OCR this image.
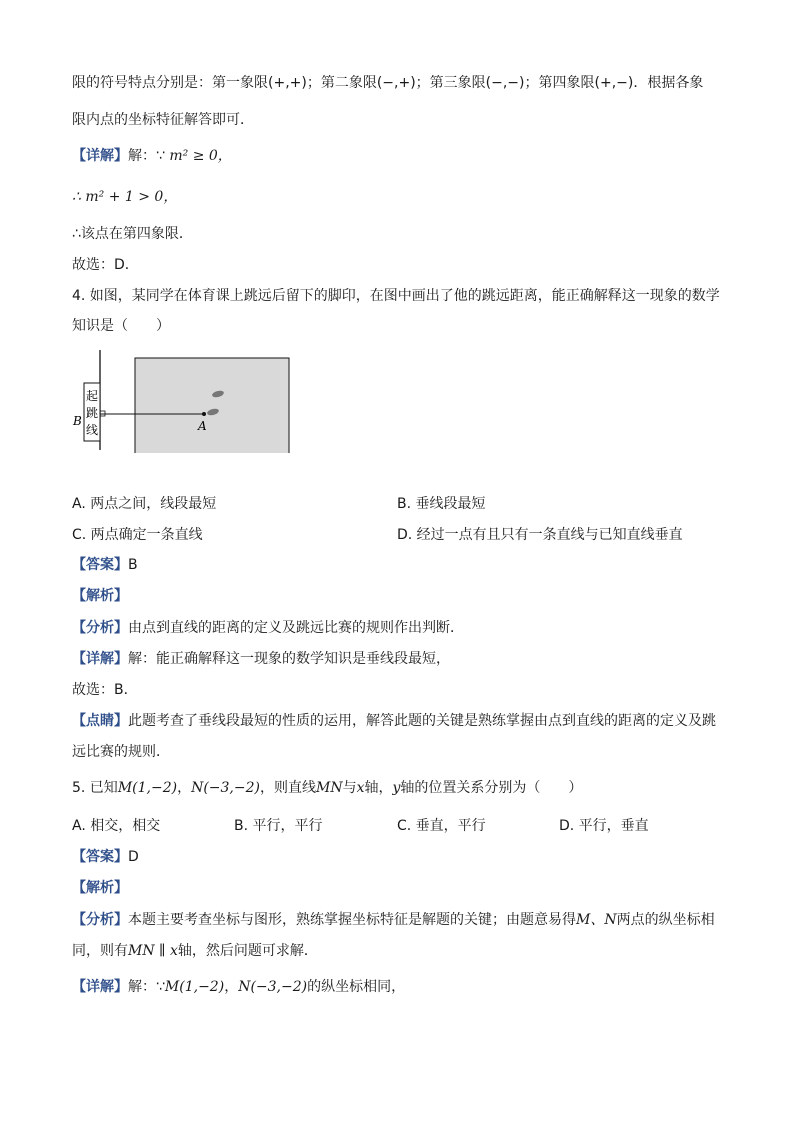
限的符号特点分别是：第一象限(+,+)；第二象限(−,+)；第三象限(−,−)；第四象限(+,−)．根据各象
限内点的坐标特征解答即可．
【详解】解：∵ m² ≥ 0，
∴ m² + 1 > 0，
∴该点在第四象限．
故选：D．
4. 如图，某同学在体育课上跳远后留下的脚印，在图中画出了他的跳远距离，能正确解释这一现象的数学
知识是（　　）
起
跳
线
B	A
A. 两点之间，线段最短	B. 垂线段最短
C. 两点确定一条直线	D. 经过一点有且只有一条直线与已知直线垂直
【答案】B
【解析】
【分析】由点到直线的距离的定义及跳远比赛的规则作出判断．
【详解】解：能正确解释这一现象的数学知识是垂线段最短，
故选：B．
【点睛】此题考查了垂线段最短的性质的运用，解答此题的关键是熟练掌握由点到直线的距离的定义及跳
远比赛的规则．
5. 已知M(1,−2)，N(−3,−2)，则直线MN与x轴，y轴的位置关系分别为（　　）
A. 相交，相交	B. 平行，平行	C. 垂直，平行	D. 平行，垂直
【答案】D
【解析】
【分析】本题主要考查坐标与图形，熟练掌握坐标特征是解题的关键；由题意易得M、N两点的纵坐标相
同，则有MN ∥ x轴，然后问题可求解．
【详解】解：∵M(1,−2)，N(−3,−2)的纵坐标相同，
